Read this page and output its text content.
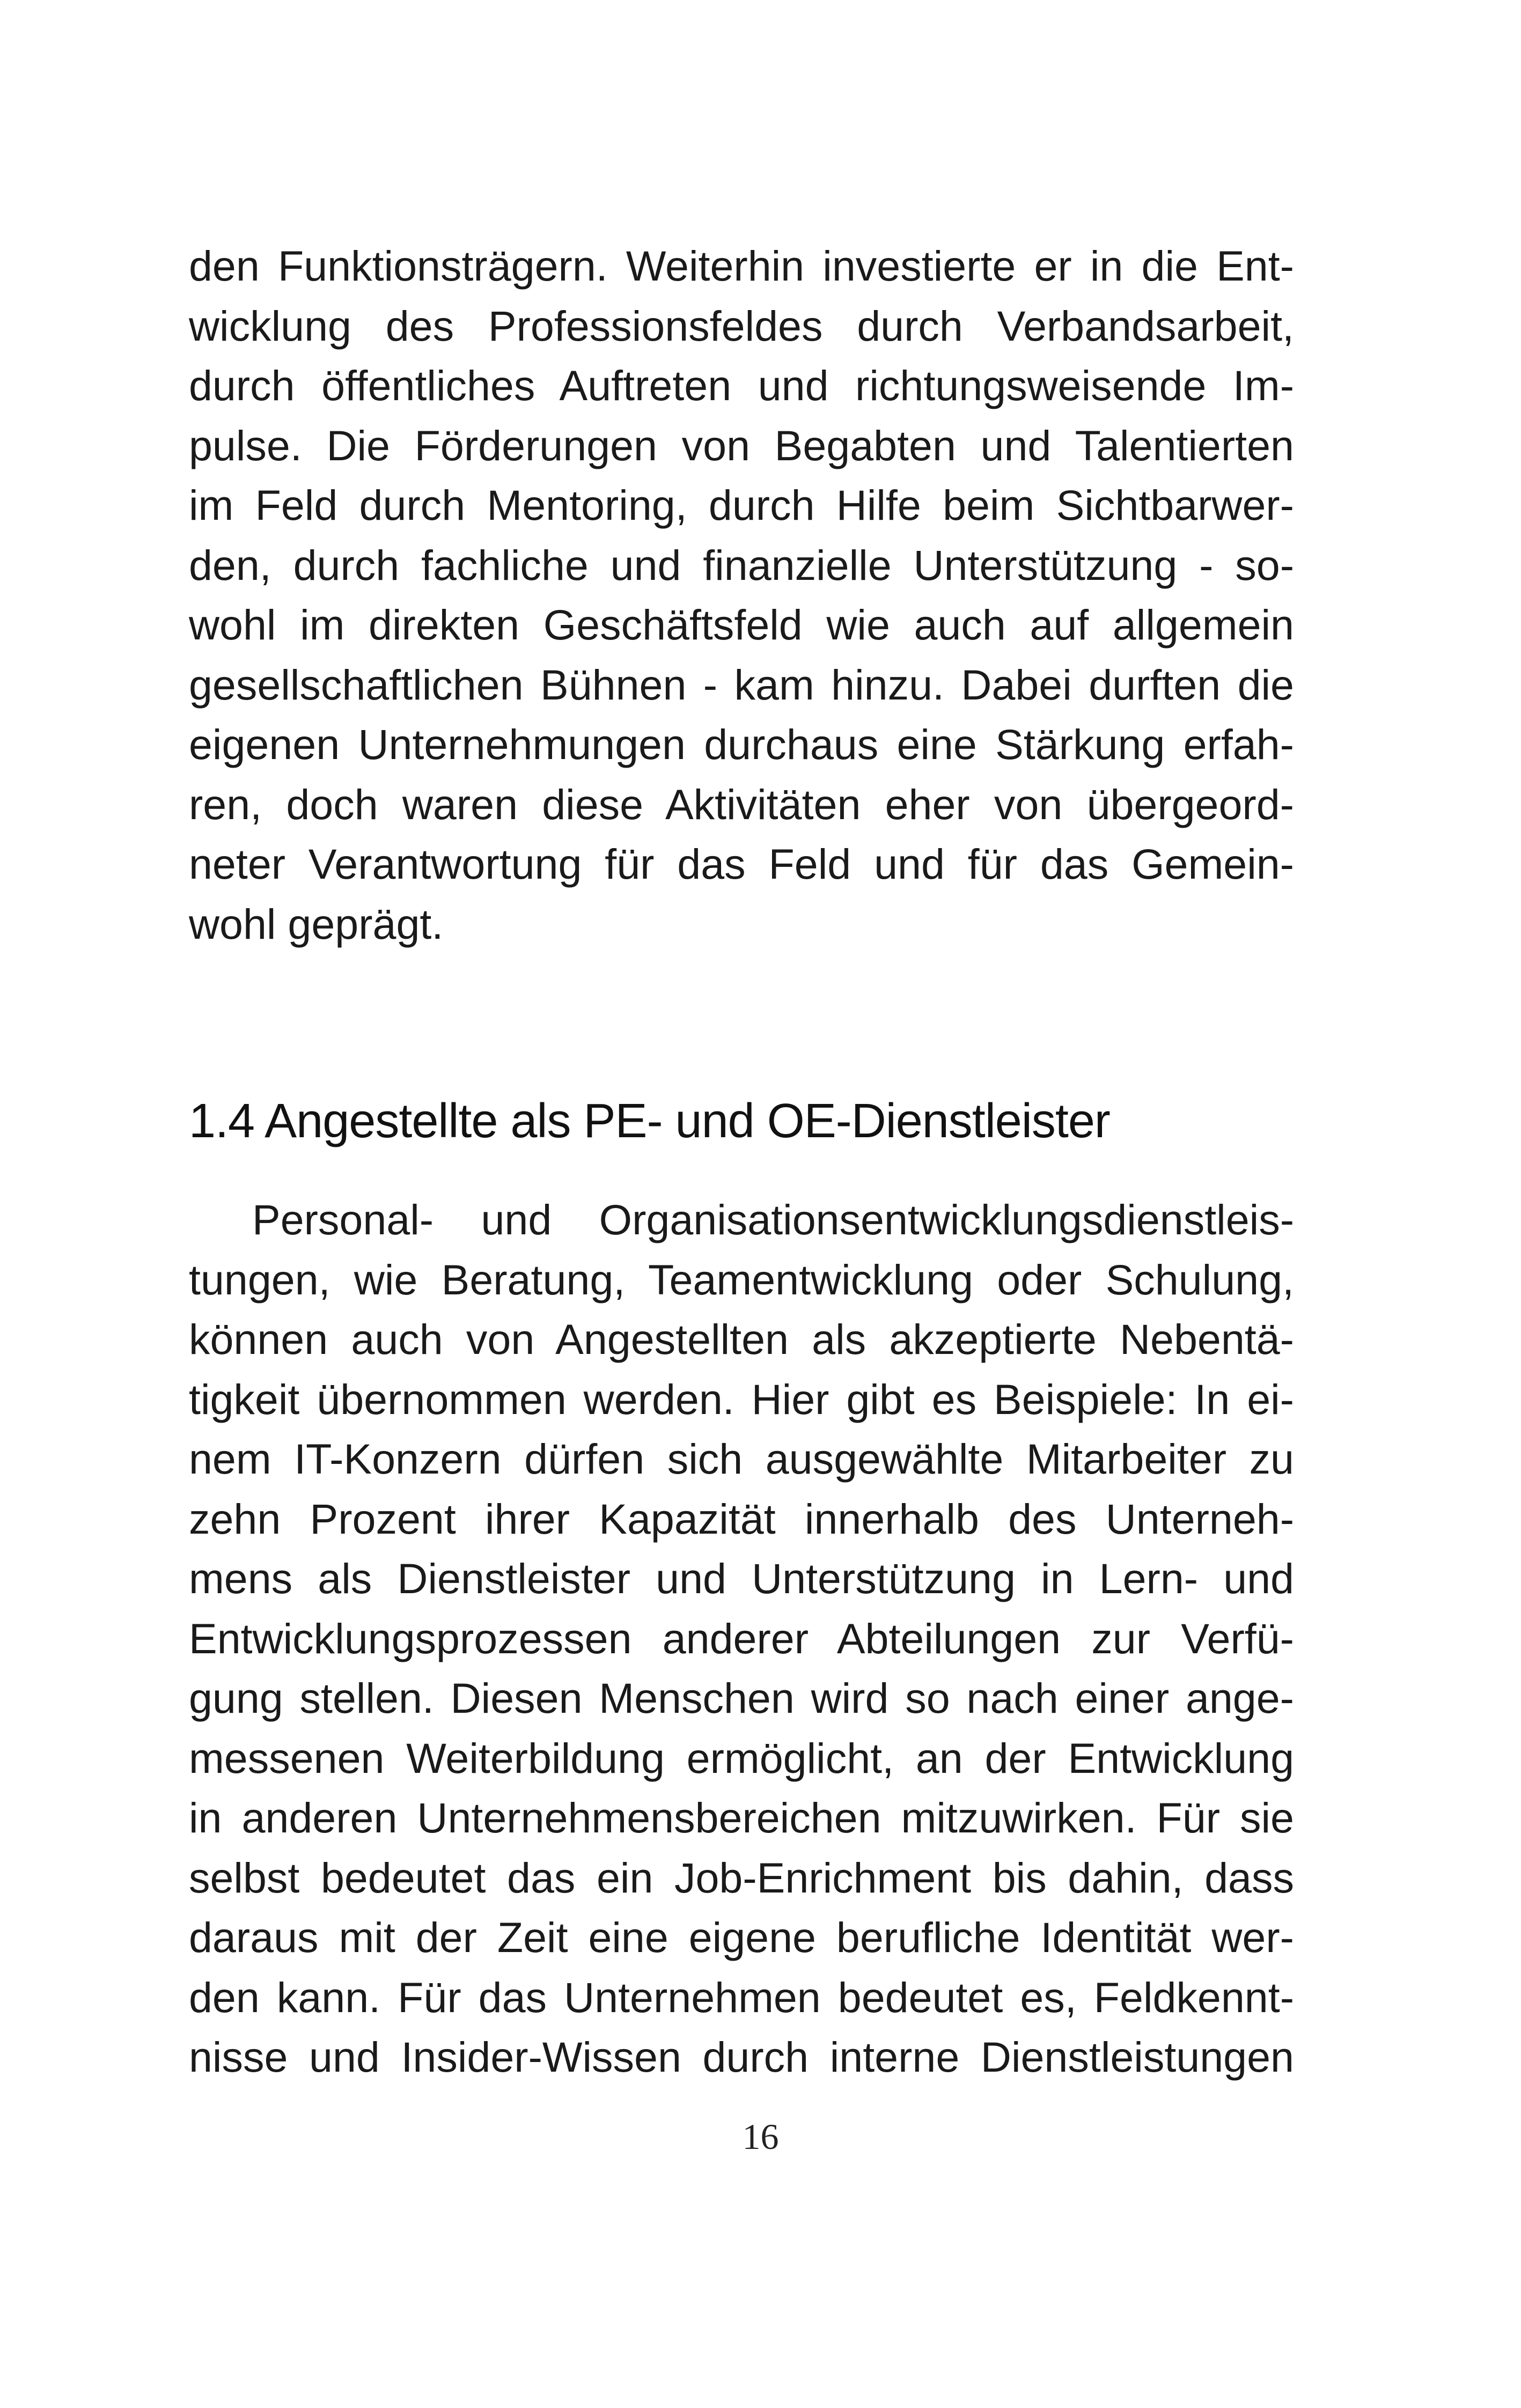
den Funktionsträgern. Weiterhin investierte er in die Ent-
wicklung des Professionsfeldes durch Verbandsarbeit,
durch öffentliches Auftreten und richtungsweisende Im-
pulse. Die Förderungen von Begabten und Talentierten
im Feld durch Mentoring, durch Hilfe beim Sichtbarwer-
den, durch fachliche und finanzielle Unterstützung - so-
wohl im direkten Geschäftsfeld wie auch auf allgemein
gesellschaftlichen Bühnen - kam hinzu. Dabei durften die
eigenen Unternehmungen durchaus eine Stärkung erfah-
ren, doch waren diese Aktivitäten eher von übergeord-
neter Verantwortung für das Feld und für das Gemein-
wohl geprägt.
1.4 Angestellte als PE- und OE-Dienstleister
Personal- und Organisationsentwicklungsdienstleis-
tungen, wie Beratung, Teamentwicklung oder Schulung,
können auch von Angestellten als akzeptierte Nebentä-
tigkeit übernommen werden. Hier gibt es Beispiele: In ei-
nem IT-Konzern dürfen sich ausgewählte Mitarbeiter zu
zehn Prozent ihrer Kapazität innerhalb des Unterneh-
mens als Dienstleister und Unterstützung in Lern- und
Entwicklungsprozessen anderer Abteilungen zur Verfü-
gung stellen. Diesen Menschen wird so nach einer ange-
messenen Weiterbildung ermöglicht, an der Entwicklung
in anderen Unternehmensbereichen mitzuwirken. Für sie
selbst bedeutet das ein Job-Enrichment bis dahin, dass
daraus mit der Zeit eine eigene berufliche Identität wer-
den kann. Für das Unternehmen bedeutet es, Feldkennt-
nisse und Insider-Wissen durch interne Dienstleistungen
16
